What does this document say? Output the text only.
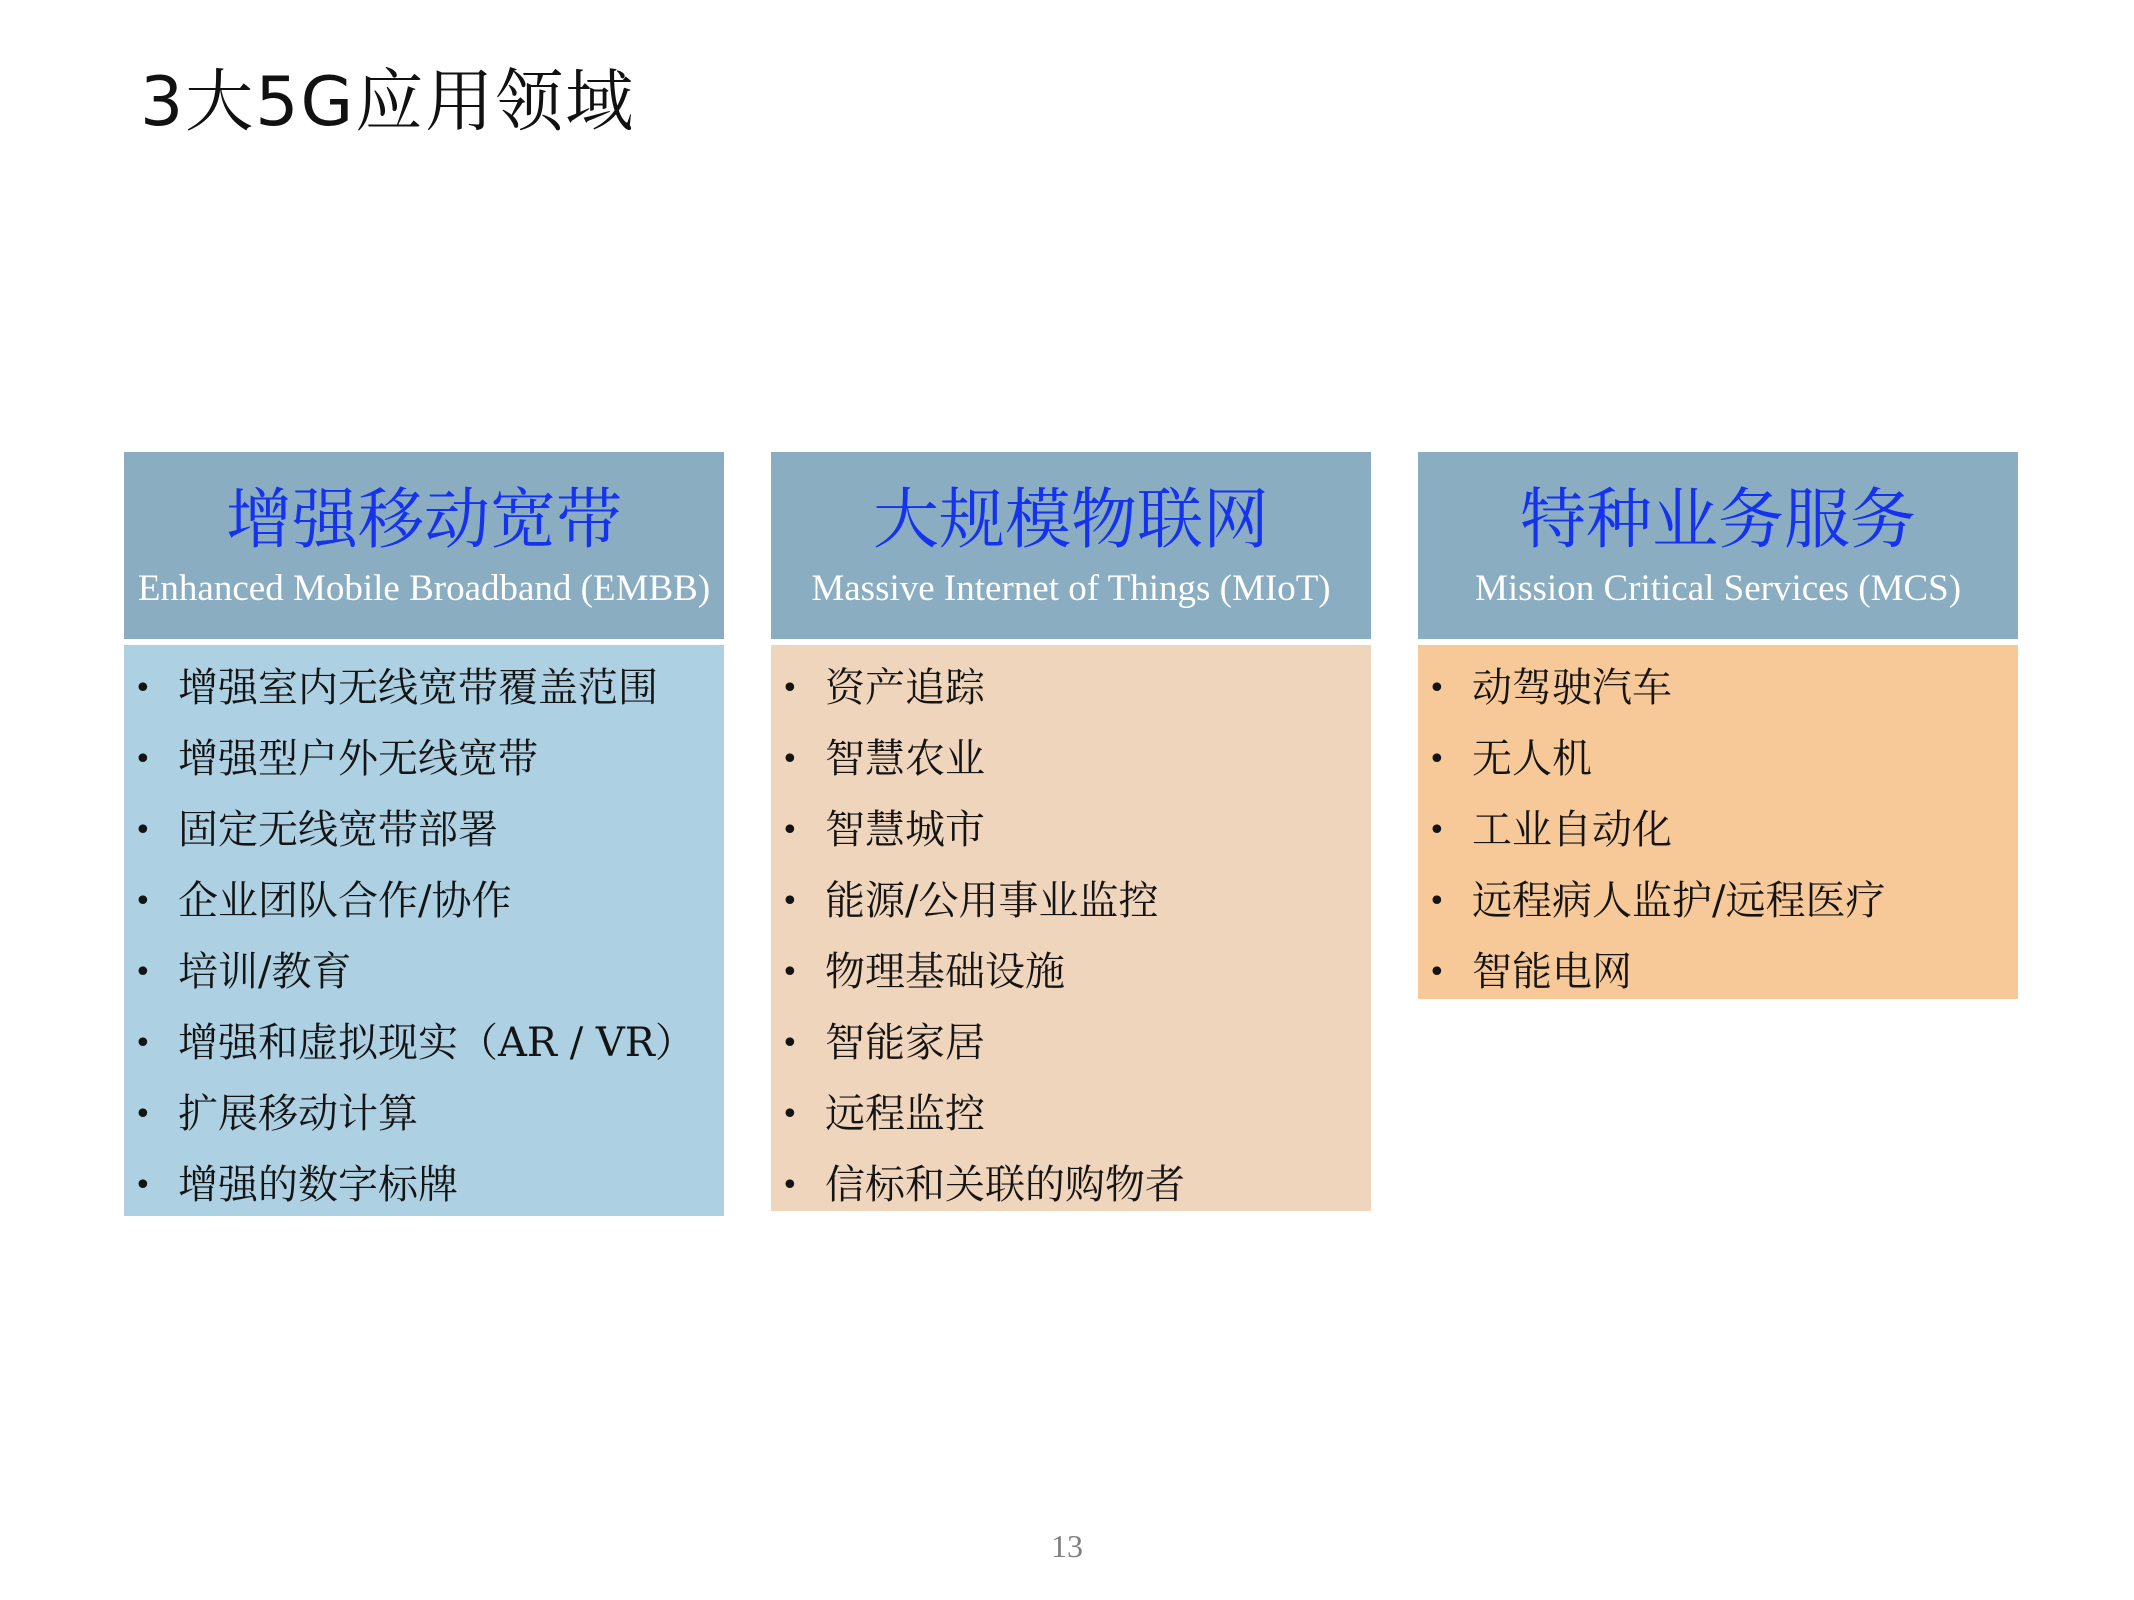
3大5G应用领域
增强移动宽带
Enhanced Mobile Broadband (EMBB)
• 增强室内无线宽带覆盖范围
• 增强型户外无线宽带
• 固定无线宽带部署
• 企业团队合作/协作
• 培训/教育
• 增强和虚拟现实（AR / VR）
• 扩展移动计算
• 增强的数字标牌
大规模物联网
Massive Internet of Things (MIoT)
• 资产追踪
• 智慧农业
• 智慧城市
• 能源/公用事业监控
• 物理基础设施
• 智能家居
• 远程监控
• 信标和关联的购物者
特种业务服务
Mission Critical Services (MCS)
• 动驾驶汽车
• 无人机
• 工业自动化
• 远程病人监护/远程医疗
• 智能电网
13
